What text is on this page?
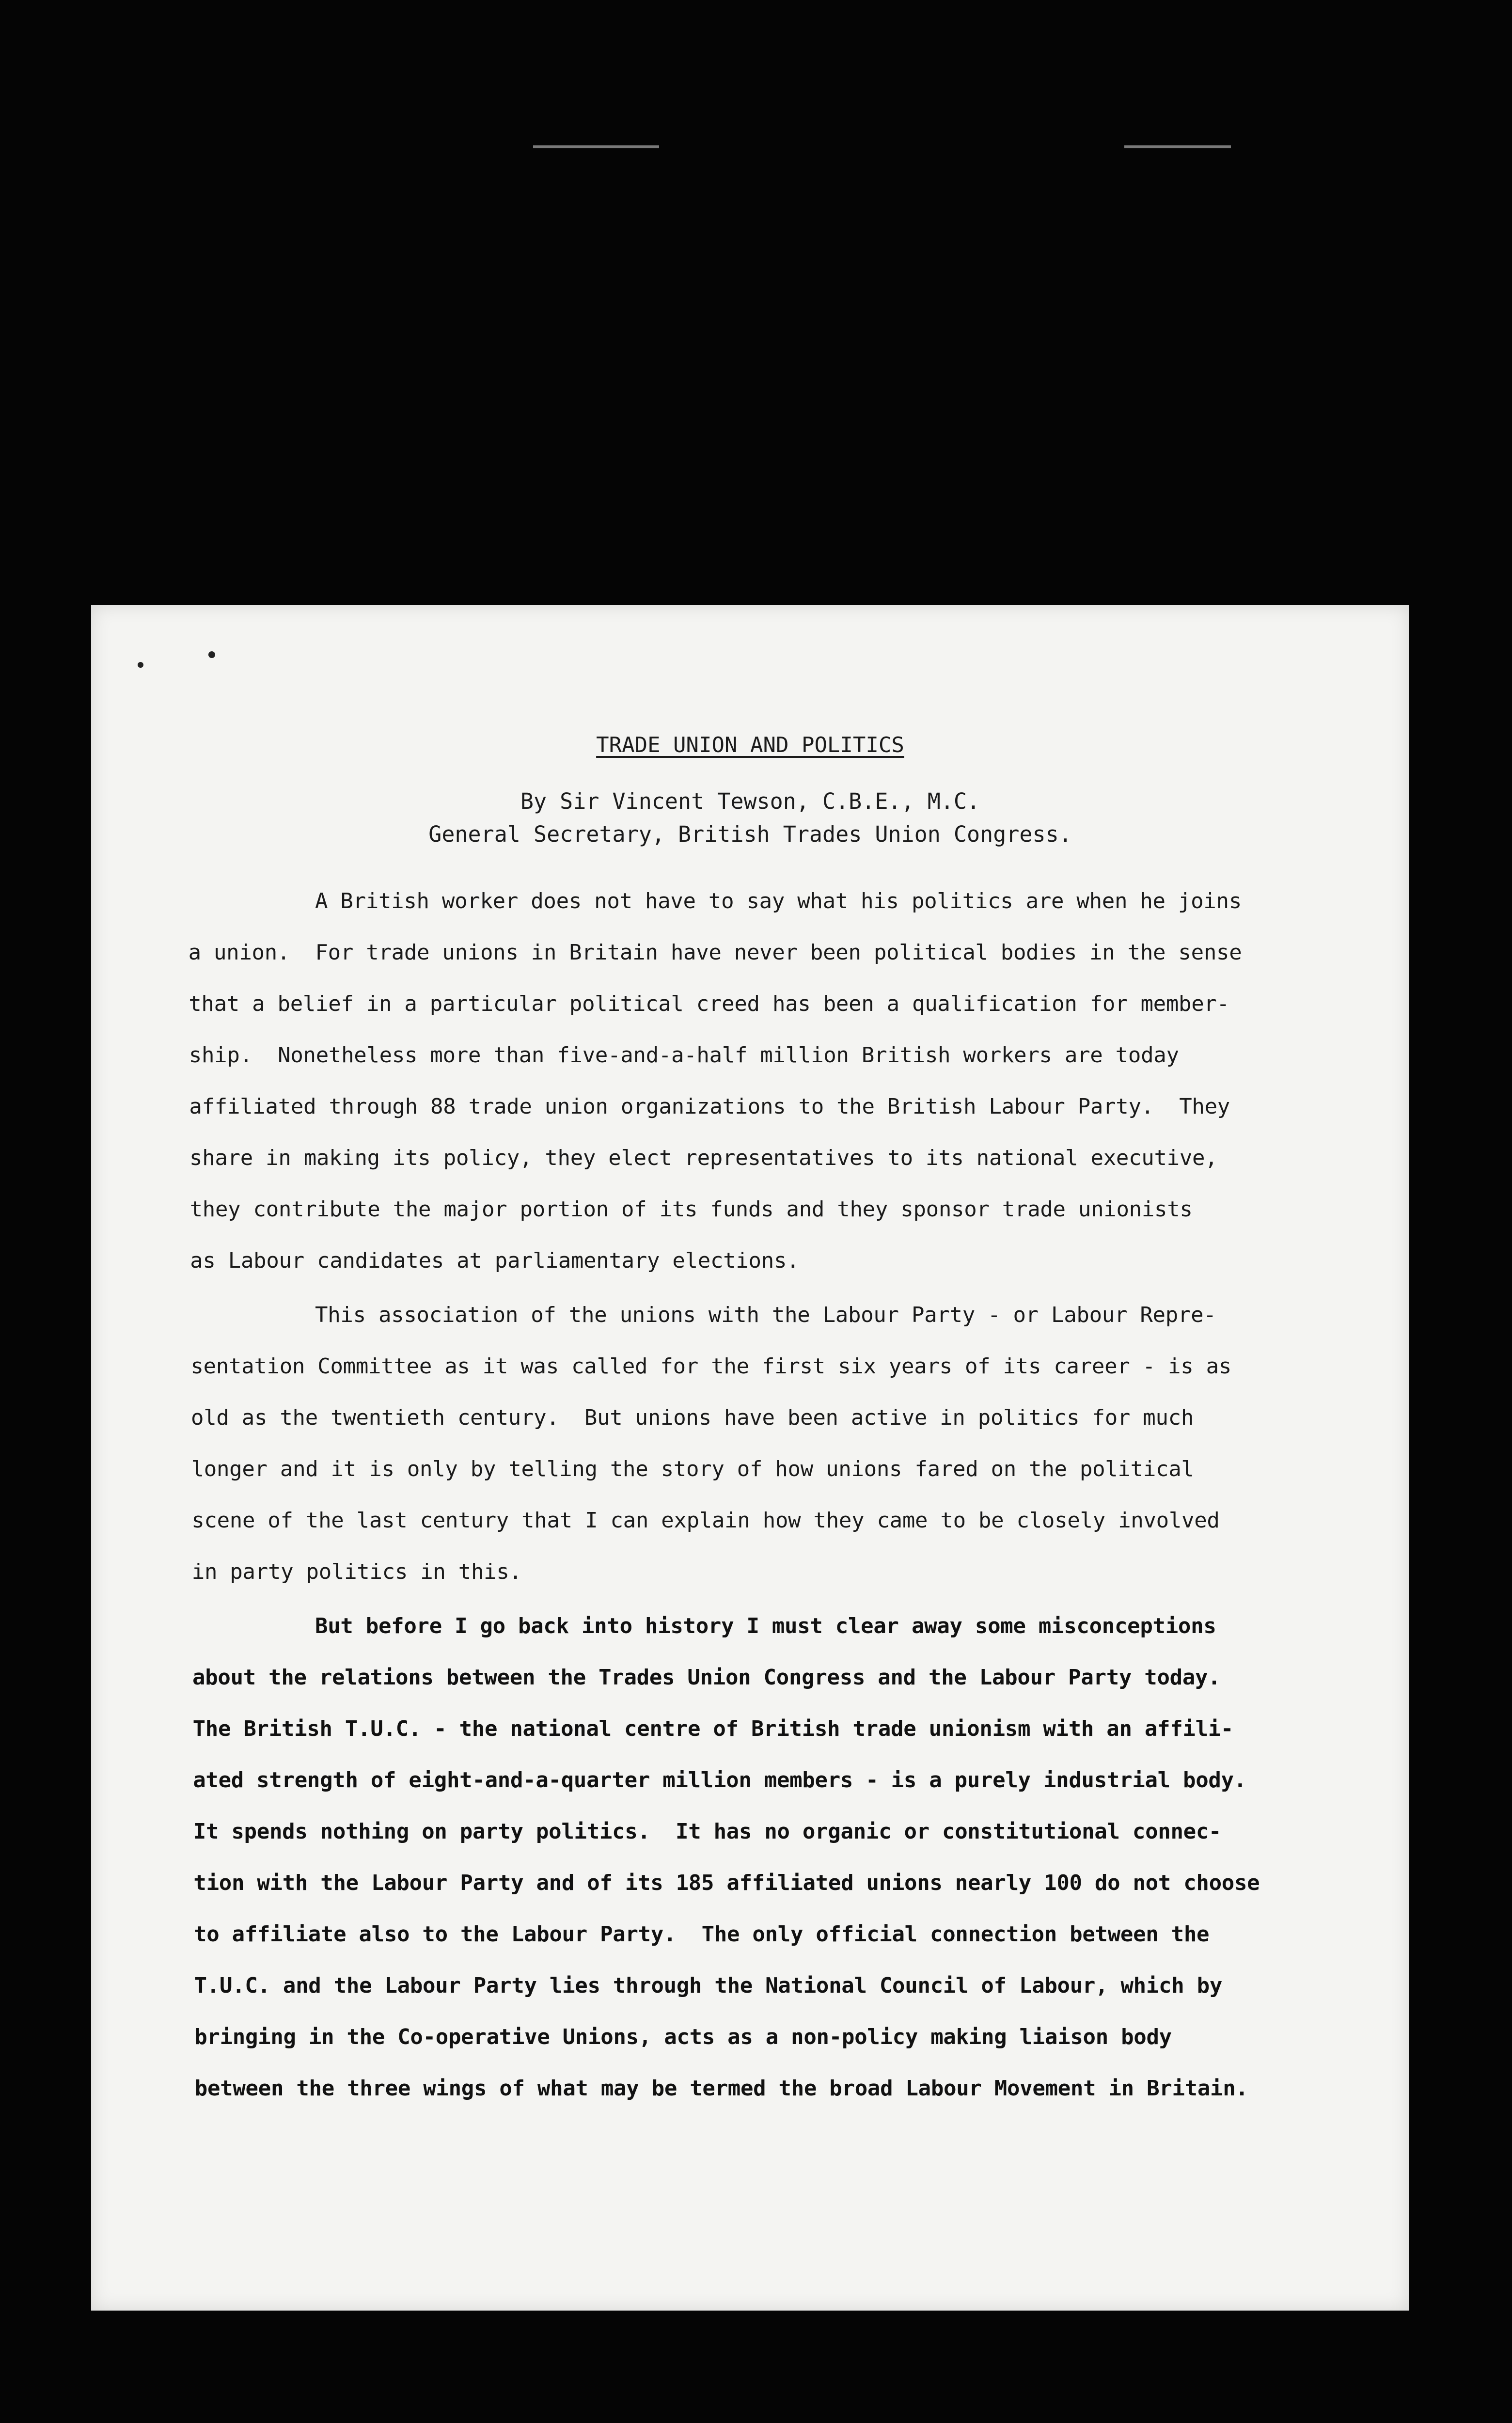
TRADE UNION AND POLITICS
By Sir Vincent Tewson, C.B.E., M.C.
General Secretary, British Trades Union Congress.
A British worker does not have to say what his politics are when he joins
a union.  For trade unions in Britain have never been political bodies in the sense
that a belief in a particular political creed has been a qualification for member-
ship.  Nonetheless more than five-and-a-half million British workers are today
affiliated through 88 trade union organizations to the British Labour Party.  They
share in making its policy, they elect representatives to its national executive,
they contribute the major portion of its funds and they sponsor trade unionists
as Labour candidates at parliamentary elections.
This association of the unions with the Labour Party - or Labour Repre-
sentation Committee as it was called for the first six years of its career - is as
old as the twentieth century.  But unions have been active in politics for much
longer and it is only by telling the story of how unions fared on the political
scene of the last century that I can explain how they came to be closely involved
in party politics in this.
But before I go back into history I must clear away some misconceptions
about the relations between the Trades Union Congress and the Labour Party today.
The British T.U.C. - the national centre of British trade unionism with an affili-
ated strength of eight-and-a-quarter million members - is a purely industrial body.
It spends nothing on party politics.  It has no organic or constitutional connec-
tion with the Labour Party and of its 185 affiliated unions nearly 100 do not choose
to affiliate also to the Labour Party.  The only official connection between the
T.U.C. and the Labour Party lies through the National Council of Labour, which by
bringing in the Co-operative Unions, acts as a non-policy making liaison body
between the three wings of what may be termed the broad Labour Movement in Britain.
